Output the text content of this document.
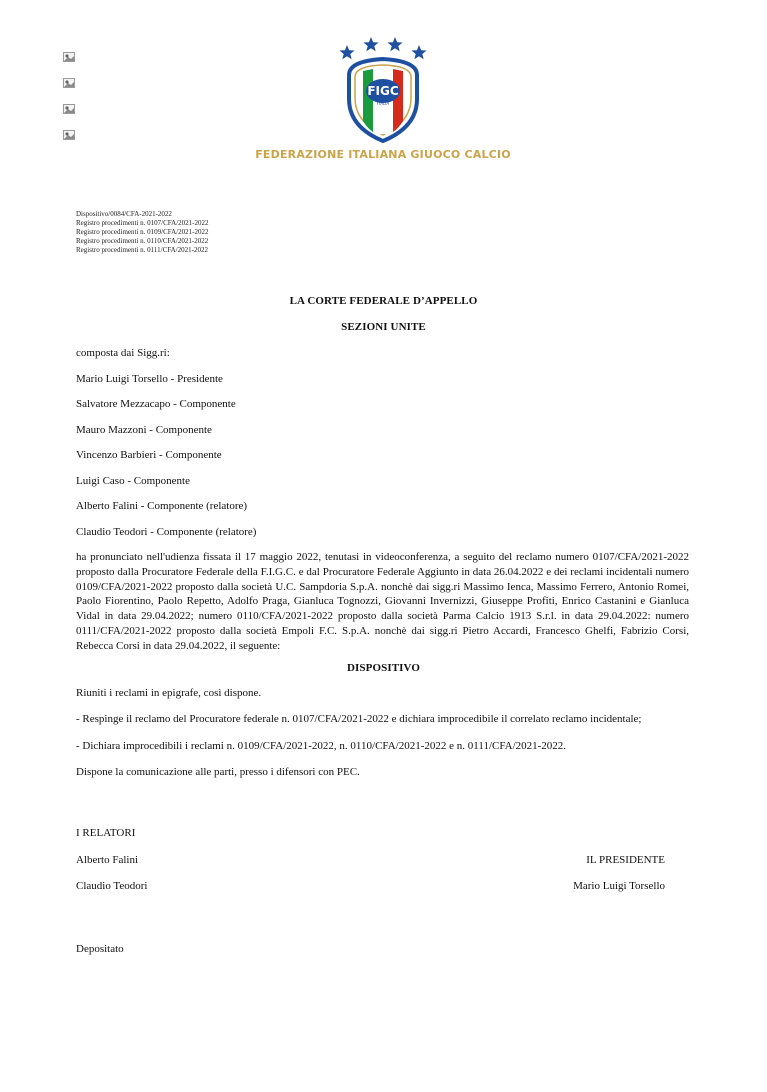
FIGC
ITALIA
FEDERAZIONE ITALIANA GIUOCO CALCIO
Dispositivo/0084/CFA-2021-2022
Registro procedimenti n. 0107/CFA/2021-2022
Registro procedimenti n. 0109/CFA/2021-2022
Registro procedimenti n. 0110/CFA/2021-2022
Registro procedimenti n. 0111/CFA/2021-2022
LA CORTE FEDERALE D’APPELLO
SEZIONI UNITE
composta dai Sigg.ri:
Mario Luigi Torsello - Presidente
Salvatore Mezzacapo - Componente
Mauro Mazzoni - Componente
Vincenzo Barbieri - Componente
Luigi Caso - Componente
Alberto Falini - Componente (relatore)
Claudio Teodori - Componente (relatore)
ha pronunciato nell'udienza fissata il 17 maggio 2022, tenutasi in videoconferenza, a seguito del reclamo numero 0107/CFA/2021-2022 proposto dalla Procuratore Federale della F.I.G.C. e dal Procuratore Federale Aggiunto in data 26.04.2022 e dei reclami incidentali numero 0109/CFA/2021-2022 proposto dalla società U.C. Sampdoria S.p.A. nonchè dai sigg.ri Massimo Ienca, Massimo Ferrero, Antonio Romei, Paolo Fiorentino, Paolo Repetto, Adolfo Praga, Gianluca Tognozzi, Giovanni Invernizzi, Giuseppe Profiti, Enrico Castanini e Gianluca Vidal in data 29.04.2022; numero 0110/CFA/2021-2022 proposto dalla società Parma Calcio 1913 S.r.l. in data 29.04.2022: numero 0111/CFA/2021-2022 proposto dalla società Empoli F.C. S.p.A. nonchè dai sigg.ri Pietro Accardi, Francesco Ghelfi, Fabrizio Corsi, Rebecca Corsi in data 29.04.2022, il seguente:
DISPOSITIVO
Riuniti i reclami in epigrafe, così dispone.
- Respinge il reclamo del Procuratore federale n. 0107/CFA/2021-2022 e dichiara improcedibile il correlato reclamo incidentale;
- Dichiara improcedibili i reclami n. 0109/CFA/2021-2022, n. 0110/CFA/2021-2022 e n. 0111/CFA/2021-2022.
Dispone la comunicazione alle parti, presso i difensori con PEC.
I RELATORI
Alberto Falini	IL PRESIDENTE
Claudio Teodori	Mario Luigi Torsello
Depositato
